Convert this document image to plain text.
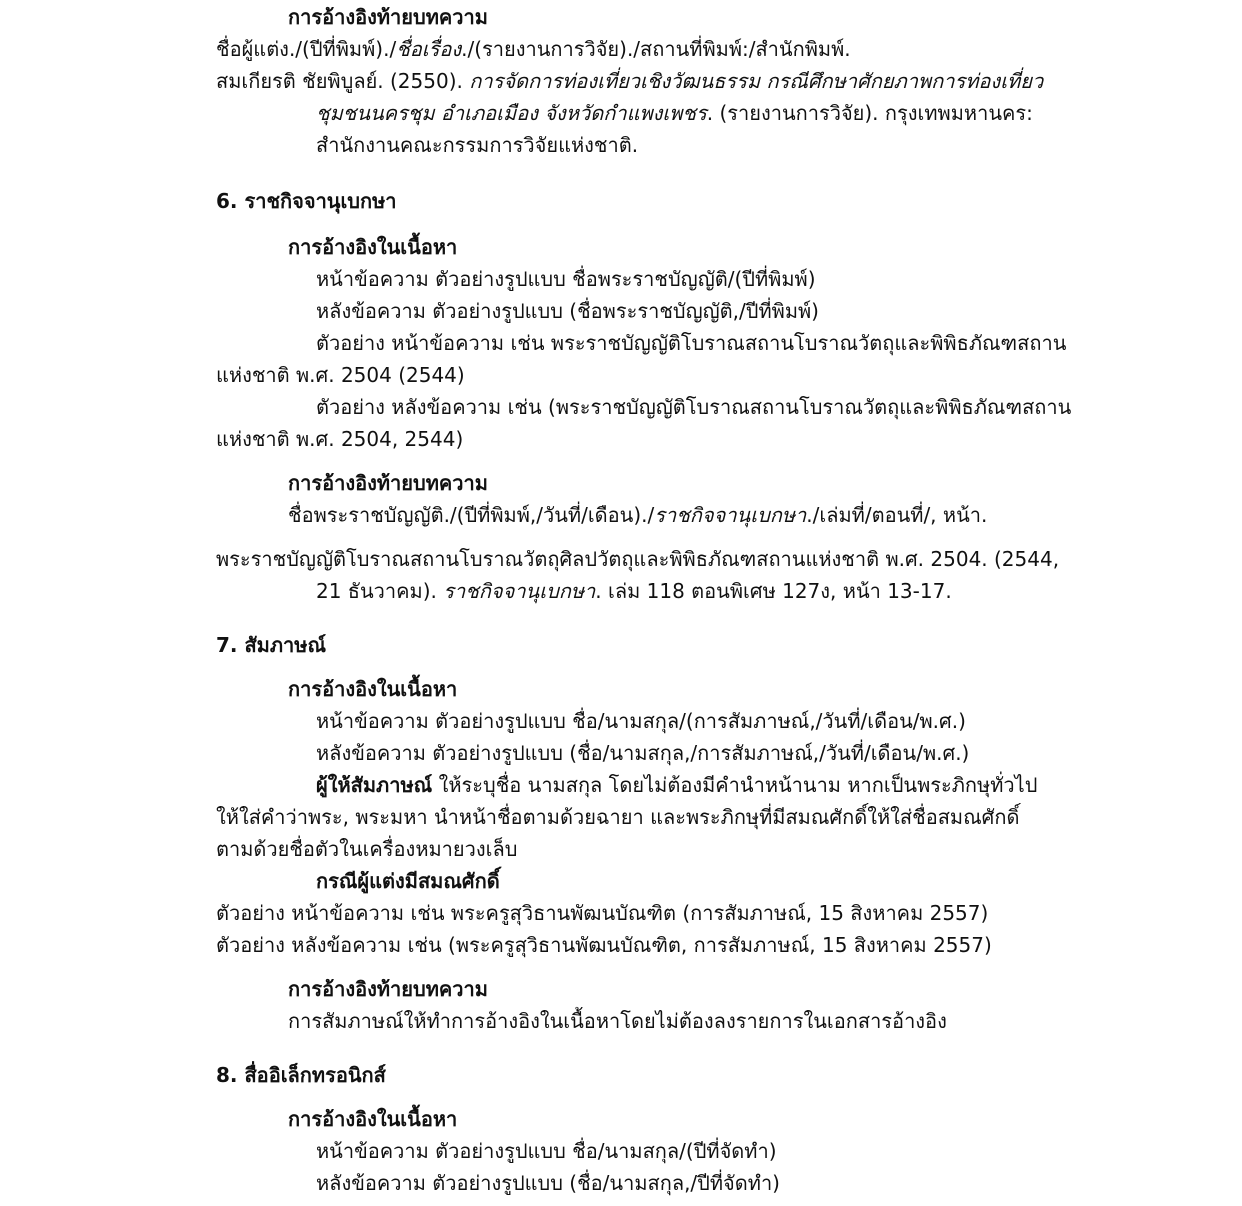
การอ้างอิงท้ายบทความ
ชื่อผู้แต่ง./(ปีที่พิมพ์)./ชื่อเรื่อง./(รายงานการวิจัย)./สถานที่พิมพ์:/สำนักพิมพ์.
สมเกียรติ ชัยพิบูลย์. (2550). การจัดการท่องเที่ยวเชิงวัฒนธรรม กรณีศึกษาศักยภาพการท่องเที่ยว
ชุมชนนครชุม อำเภอเมือง จังหวัดกำแพงเพชร. (รายงานการวิจัย). กรุงเทพมหานคร:
สำนักงานคณะกรรมการวิจัยแห่งชาติ.
6. ราชกิจจานุเบกษา
การอ้างอิงในเนื้อหา
หน้าข้อความ ตัวอย่างรูปแบบ ชื่อพระราชบัญญัติ/(ปีที่พิมพ์)
หลังข้อความ ตัวอย่างรูปแบบ (ชื่อพระราชบัญญัติ,/ปีที่พิมพ์)
ตัวอย่าง หน้าข้อความ เช่น พระราชบัญญัติโบราณสถานโบราณวัตถุและพิพิธภัณฑสถาน
แห่งชาติ พ.ศ. 2504 (2544)
ตัวอย่าง หลังข้อความ เช่น (พระราชบัญญัติโบราณสถานโบราณวัตถุและพิพิธภัณฑสถาน
แห่งชาติ พ.ศ. 2504, 2544)
การอ้างอิงท้ายบทความ
ชื่อพระราชบัญญัติ./(ปีที่พิมพ์,/วันที่/เดือน)./ราชกิจจานุเบกษา./เล่มที่/ตอนที่/, หน้า.
พระราชบัญญัติโบราณสถานโบราณวัตถุศิลปวัตถุและพิพิธภัณฑสถานแห่งชาติ พ.ศ. 2504. (2544,
21 ธันวาคม). ราชกิจจานุเบกษา. เล่ม 118 ตอนพิเศษ 127ง, หน้า 13-17.
7. สัมภาษณ์
การอ้างอิงในเนื้อหา
หน้าข้อความ ตัวอย่างรูปแบบ ชื่อ/นามสกุล/(การสัมภาษณ์,/วันที่/เดือน/พ.ศ.)
หลังข้อความ ตัวอย่างรูปแบบ (ชื่อ/นามสกุล,/การสัมภาษณ์,/วันที่/เดือน/พ.ศ.)
ผู้ให้สัมภาษณ์ ให้ระบุชื่อ นามสกุล โดยไม่ต้องมีคำนำหน้านาม หากเป็นพระภิกษุทั่วไป
ให้ใส่คำว่าพระ, พระมหา นำหน้าชื่อตามด้วยฉายา และพระภิกษุที่มีสมณศักดิ์ให้ใส่ชื่อสมณศักดิ์
ตามด้วยชื่อตัวในเครื่องหมายวงเล็บ
กรณีผู้แต่งมีสมณศักดิ์
ตัวอย่าง หน้าข้อความ เช่น พระครูสุวิธานพัฒนบัณฑิต (การสัมภาษณ์, 15 สิงหาคม 2557)
ตัวอย่าง หลังข้อความ เช่น (พระครูสุวิธานพัฒนบัณฑิต, การสัมภาษณ์, 15 สิงหาคม 2557)
การอ้างอิงท้ายบทความ
การสัมภาษณ์ให้ทำการอ้างอิงในเนื้อหาโดยไม่ต้องลงรายการในเอกสารอ้างอิง
8. สื่ออิเล็กทรอนิกส์
การอ้างอิงในเนื้อหา
หน้าข้อความ ตัวอย่างรูปแบบ ชื่อ/นามสกุล/(ปีที่จัดทำ)
หลังข้อความ ตัวอย่างรูปแบบ (ชื่อ/นามสกุล,/ปีที่จัดทำ)
